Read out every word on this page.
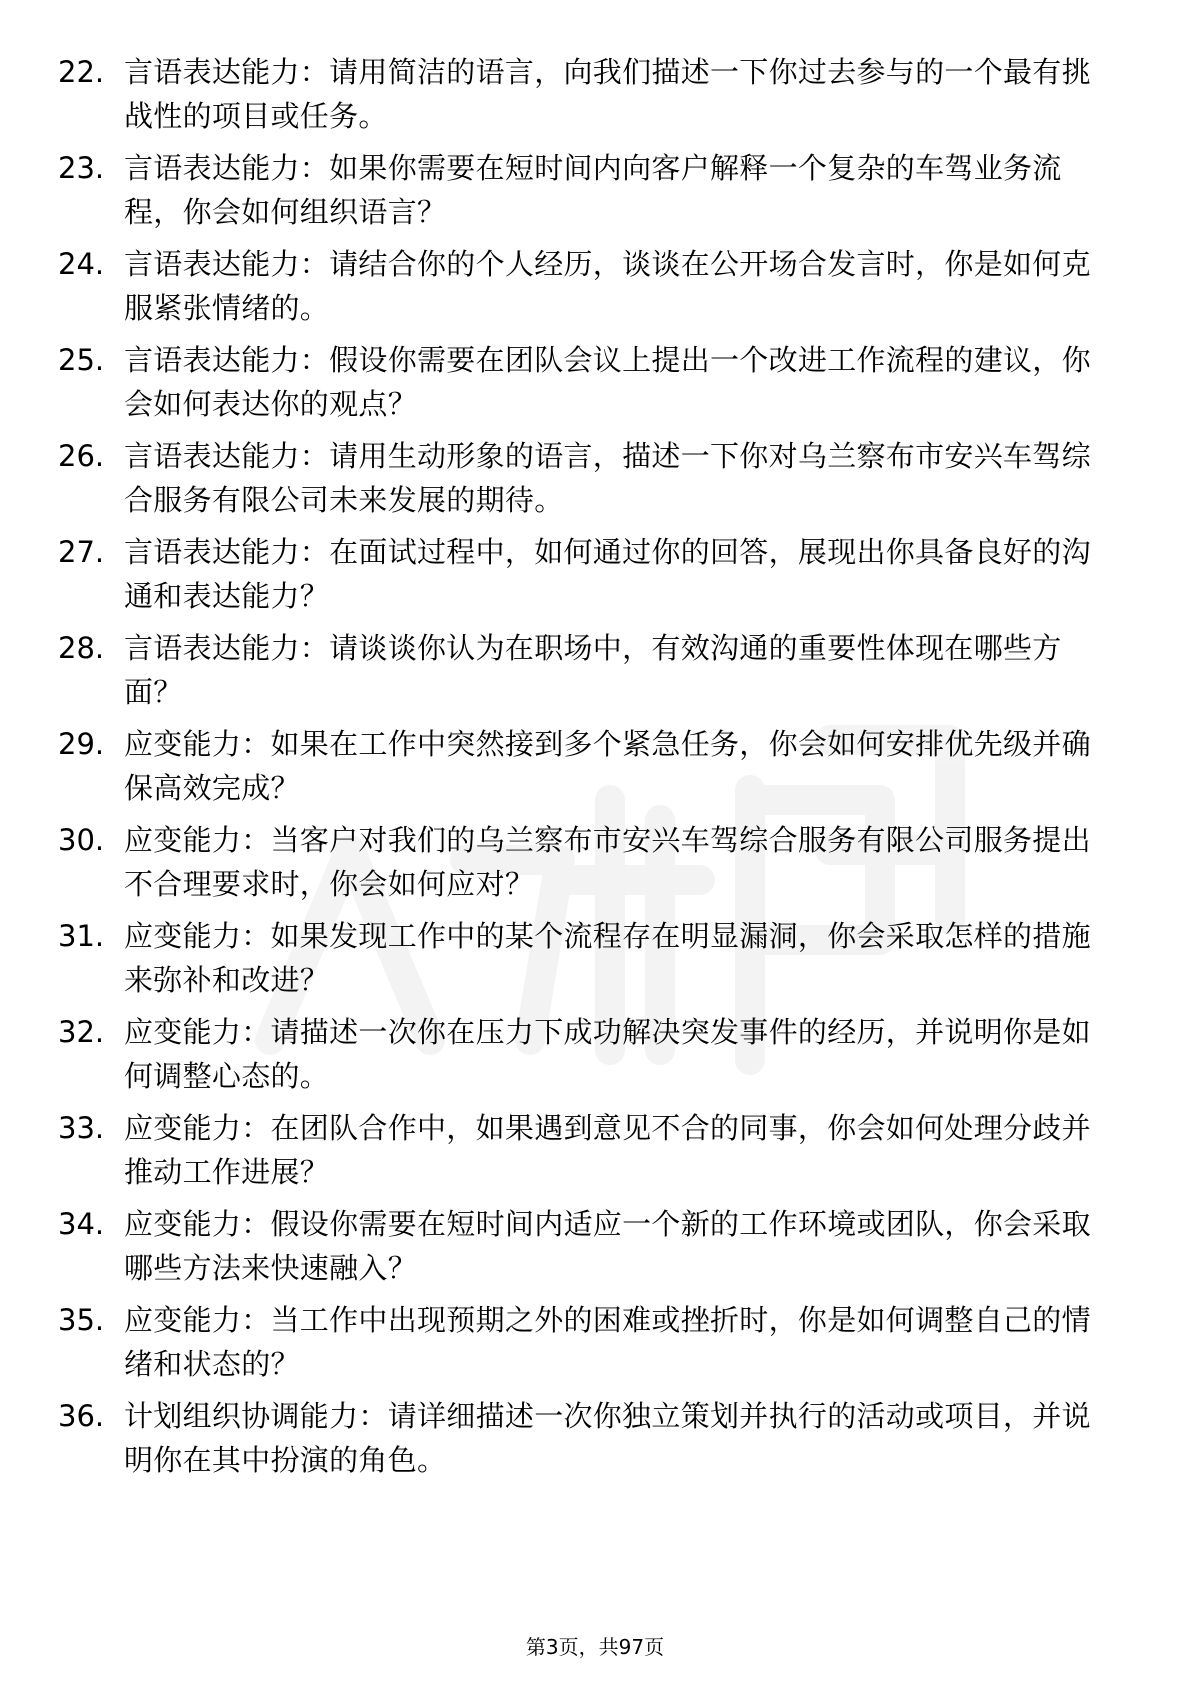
22. 言语表达能力：请用简洁的语言，向我们描述一下你过去参与的一个最有挑战性的项目或任务。
23. 言语表达能力：如果你需要在短时间内向客户解释一个复杂的车驾业务流程，你会如何组织语言？
24. 言语表达能力：请结合你的个人经历，谈谈在公开场合发言时，你是如何克服紧张情绪的。
25. 言语表达能力：假设你需要在团队会议上提出一个改进工作流程的建议，你会如何表达你的观点？
26. 言语表达能力：请用生动形象的语言，描述一下你对乌兰察布市安兴车驾综合服务有限公司未来发展的期待。
27. 言语表达能力：在面试过程中，如何通过你的回答，展现出你具备良好的沟通和表达能力？
28. 言语表达能力：请谈谈你认为在职场中，有效沟通的重要性体现在哪些方面？
29. 应变能力：如果在工作中突然接到多个紧急任务，你会如何安排优先级并确保高效完成？
30. 应变能力：当客户对我们的乌兰察布市安兴车驾综合服务有限公司服务提出不合理要求时，你会如何应对？
31. 应变能力：如果发现工作中的某个流程存在明显漏洞，你会采取怎样的措施来弥补和改进？
32. 应变能力：请描述一次你在压力下成功解决突发事件的经历，并说明你是如何调整心态的。
33. 应变能力：在团队合作中，如果遇到意见不合的同事，你会如何处理分歧并推动工作进展？
34. 应变能力：假设你需要在短时间内适应一个新的工作环境或团队，你会采取哪些方法来快速融入？
35. 应变能力：当工作中出现预期之外的困难或挫折时，你是如何调整自己的情绪和状态的？
36. 计划组织协调能力：请详细描述一次你独立策划并执行的活动或项目，并说明你在其中扮演的角色。
第3页，共97页
